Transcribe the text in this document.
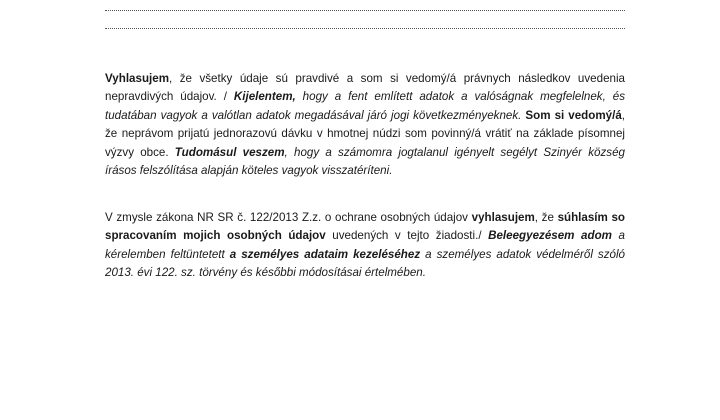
Vyhlasujem, že všetky údaje sú pravdivé a som si vedomý/á právnych následkov uvedenia nepravdivých údajov. / Kijelentem, hogy a fent említett adatok a valóságnak megfelelnek, és tudatában vagyok a valótlan adatok megadásával járó jogi következményeknek. Som si vedomý/á, že neprávom prijatú jednorazovú dávku v hmotnej núdzi som povinný/á vrátiť na základe písomnej výzvy obce. Tudomásul veszem, hogy a számomra jogtalanul igényelt segélyt Szinyér község írásos felszólítása alapján köteles vagyok visszatéríteni.

V zmysle zákona NR SR č. 122/2013 Z.z. o ochrane osobných údajov vyhlasujem, že súhlasím so spracovaním mojich osobných údajov uvedených v tejto žiadosti./ Beleegyezésem adom a kérelemben feltüntetett a személyes adataim kezeléséhez a személyes adatok védelméről szóló 2013. évi 122. sz. törvény és későbbi módosításai értelmében.
